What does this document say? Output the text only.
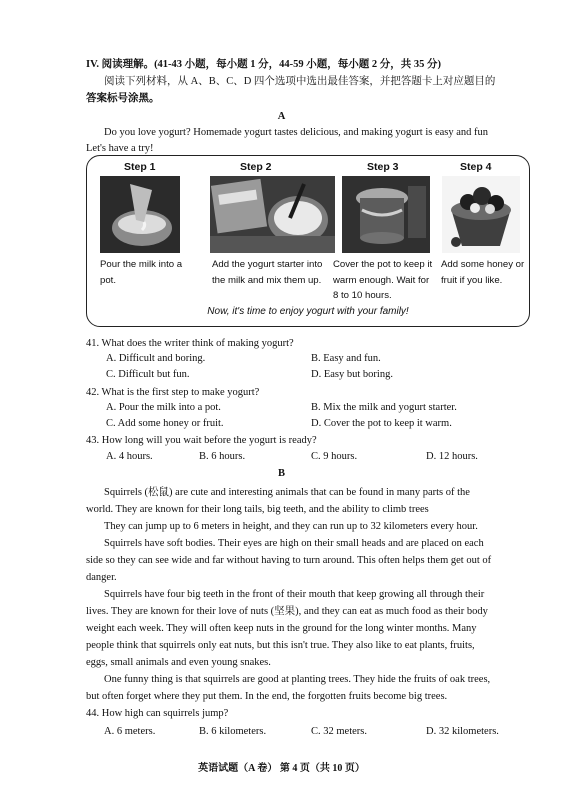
IV. 阅读理解。(41-43 小题，每小题 1 分，44-59 小题，每小题 2 分，共 35 分)
阅读下列材料，从 A、B、C、D 四个选项中选出最佳答案，并把答题卡上对应题目的
答案标号涂黑。
A
Do you love yogurt? Homemade yogurt tastes delicious, and making yogurt is easy and fun
Let's have a try!
Step 1	Step 2	Step 3	Step 4
Pour the milk into a pot.
Add the yogurt starter into the milk and mix them up.
Cover the pot to keep it warm enough. Wait for 8 to 10 hours.
Add some honey or fruit if you like.
Now, it's time to enjoy yogurt with your family!
41. What does the writer think of making yogurt?
A. Difficult and boring.	B. Easy and fun.
C. Difficult but fun.	D. Easy but boring.
42. What is the first step to make yogurt?
A. Pour the milk into a pot.	B. Mix the milk and yogurt starter.
C. Add some honey or fruit.	D. Cover the pot to keep it warm.
43. How long will you wait before the yogurt is ready?
A. 4 hours.	B. 6 hours.	C. 9 hours.	D. 12 hours.
B
Squirrels (松鼠) are cute and interesting animals that can be found in many parts of the
world. They are known for their long tails, big teeth, and the ability to climb trees
They can jump up to 6 meters in height, and they can run up to 32 kilometers every hour.
Squirrels have soft bodies. Their eyes are high on their small heads and are placed on each
side so they can see wide and far without having to turn around. This often helps them get out of
danger.
Squirrels have four big teeth in the front of their mouth that keep growing all through their
lives. They are known for their love of nuts (坚果), and they can eat as much food as their body
weight each week. They will often keep nuts in the ground for the long winter months. Many
people think that squirrels only eat nuts, but this isn't true. They also like to eat plants, fruits,
eggs, small animals and even young snakes.
One funny thing is that squirrels are good at planting trees. They hide the fruits of oak trees,
but often forget where they put them. In the end, the forgotten fruits become big trees.
44. How high can squirrels jump?
A. 6 meters.	B. 6 kilometers.	C. 32 meters.	D. 32 kilometers.
英语试题（A 卷） 第 4 页（共 10 页）
